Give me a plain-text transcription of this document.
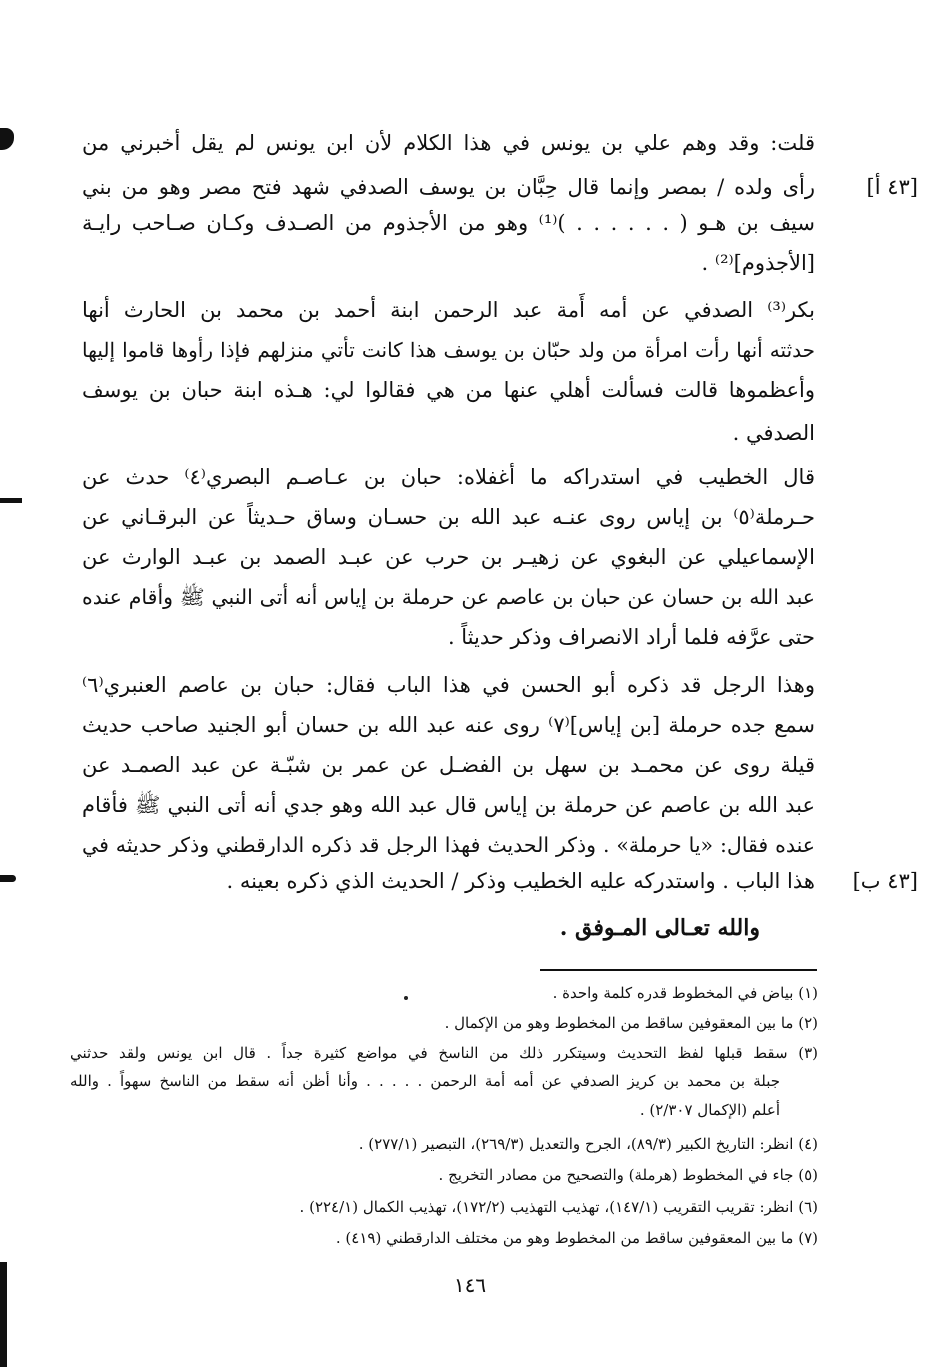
قلت: وقد وهم علي بن يونس في هذا الكلام لأن ابن يونس لم يقل أخبرني من
رأى ولده / بمصر وإنما قال حِبَّان بن يوسف الصدفي شهد فتح مصر وهو من بني	[٤٣ أ]
سيف بن هـو ( . . . . . . )⁽¹⁾ وهو من الأجذوم من الصـدف وكـان صـاحب رايـة
[الأجذوم]⁽²⁾ .
بكر⁽³⁾ الصدفي عن أمه أَمة عبد الرحمن ابنة أحمد بن محمد بن الحارث أنها
حدثته أنها رأت امرأة من ولد حبّان بن يوسف هذا كانت تأتي منزلهم فإذا رأوها قاموا إليها
وأعظموها قالت فسألت أهلي عنها من هي فقالوا لي: هـذه ابنة حبان بن يوسف
الصدفي .
قال الخطيب في استدراكه ما أغفلاه: حبان بن عـاصـم البصري⁽٤⁾ حدث عن
حـرملة⁽٥⁾ بن إياس روى عنـه عبد الله بن حسـان وساق حـديثاً عن البرقـاني عن
الإسماعيلي عن البغوي عن زهيـر بن حرب عن عبـد الصمد بن عبـد الوارث عن
عبد الله بن حسان عن حبان بن عاصم عن حرملة بن إياس أنه أتى النبي ﷺ وأقام عنده
حتى عرَّفه فلما أراد الانصراف وذكر حديثاً .
وهذا الرجل قد ذكره أبو الحسن في هذا الباب فقال: حبان بن عاصم العنبري⁽٦⁾
سمع جده حرملة [بن إياس]⁽٧⁾ روى عنه عبد الله بن حسان أبو الجنيد صاحب حديث
قيلة روى عن محمـد بن سهل بن الفضـل عن عمر بن شبّـة عن عبد الصمـد عن
عبد الله بن عاصم عن حرملة بن إياس قال عبد الله وهو جدي أنه أتى النبي ﷺ فأقام
عنده فقال: «يا حرملة» . وذكر الحديث فهذا الرجل قد ذكره الدارقطني وذكر حديثه في
هذا الباب . واستدركه عليه الخطيب وذكر / الحديث الذي ذكره بعينه .	[٤٣ ب]
والله تعـالى المـوفق .
(١) بياض في المخطوط قدره كلمة واحدة .
(٢) ما بين المعقوفين ساقط من المخطوط وهو من الإكمال .
(٣) سقط قبلها لفظ التحديث وسيتكرر ذلك من الناسخ في مواضع كثيرة جداً . قال ابن يونس ولقد حدثني
جبلة بن محمد بن كريز الصدفي عن أمه أمة الرحمن . . . . . وأنا أظن أنه سقط من الناسخ سهواً . والله
أعلم (الإكمال ٢/٣٠٧) .
(٤) انظر: التاريخ الكبير (٨٩/٣)، الجرح والتعديل (٢٦٩/٣)، التبصير (٢٧٧/١) .
(٥) جاء في المخطوط (هرملة) والتصحيح من مصادر التخريج .
(٦) انظر: تقريب التقريب (١٤٧/١)، تهذيب التهذيب (١٧٢/٢)، تهذيب الكمال (٢٢٤/١) .
(٧) ما بين المعقوفين ساقط من المخطوط وهو من مختلف الدارقطني (٤١٩) .
١٤٦
